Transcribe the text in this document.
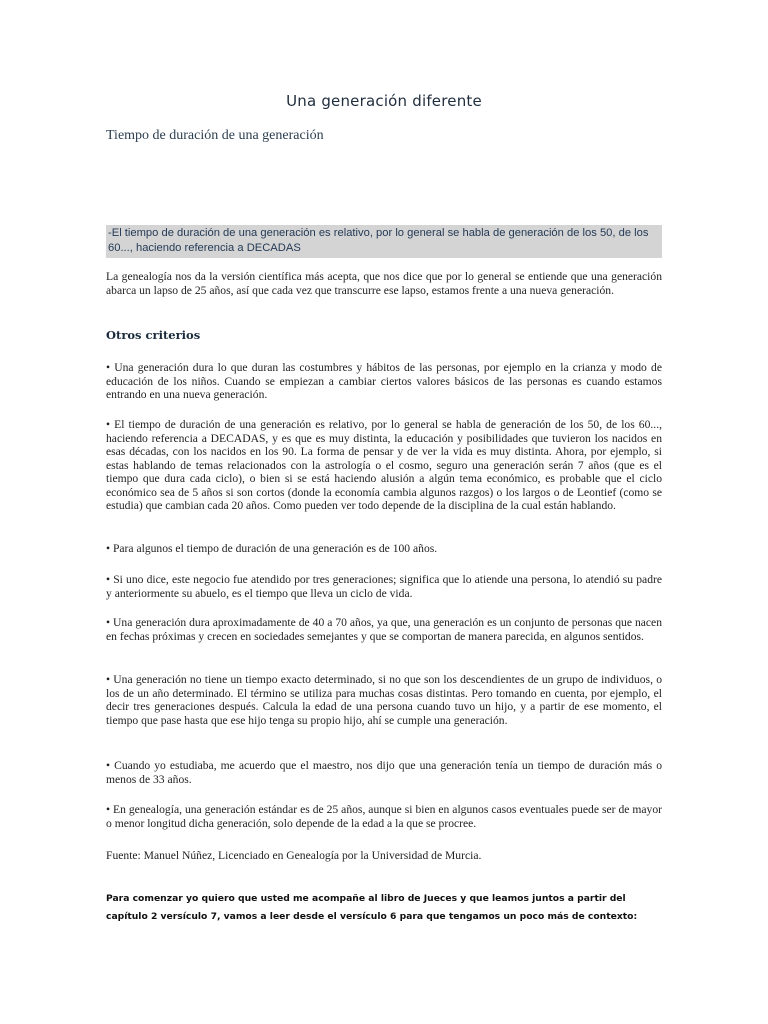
Una generación diferente
Tiempo de duración de una generación
-El tiempo de duración de una generación es relativo, por lo general se habla de generación de los 50, de los 60..., haciendo referencia a DECADAS
La genealogía nos da la versión científica más acepta, que nos dice que por lo general se entiende que una generación abarca un lapso de 25 años, así que cada vez que transcurre ese lapso, estamos frente a una nueva generación.
Otros criterios
• Una generación dura lo que duran las costumbres y hábitos de las personas, por ejemplo en la crianza y modo de educación de los niños. Cuando se empiezan a cambiar ciertos valores básicos de las personas es cuando estamos entrando en una nueva generación.
• El tiempo de duración de una generación es relativo, por lo general se habla de generación de los 50, de los 60..., haciendo referencia a DECADAS, y es que es muy distinta, la educación y posibilidades que tuvieron los nacidos en esas décadas, con los nacidos en los 90. La forma de pensar y de ver la vida es muy distinta. Ahora, por ejemplo, si estas hablando de temas relacionados con la astrología o el cosmo, seguro una generación serán 7 años (que es el tiempo que dura cada ciclo), o bien si se está haciendo alusión a algún tema económico, es probable que el ciclo económico sea de 5 años si son cortos (donde la economía cambia algunos razgos) o los largos o de Leontief (como se estudia) que cambian cada 20 años. Como pueden ver todo depende de la disciplina de la cual están hablando.
• Para algunos el tiempo de duración de una generación es de 100 años.
• Si uno dice, este negocio fue atendido por tres generaciones; significa que lo atiende una persona, lo atendió su padre y anteriormente su abuelo, es el tiempo que lleva un ciclo de vida.
• Una generación dura aproximadamente de 40 a 70 años, ya que, una generación es un conjunto de personas que nacen en fechas próximas y crecen en sociedades semejantes y que se comportan de manera parecida, en algunos sentidos.
• Una generación no tiene un tiempo exacto determinado, si no que son los descendientes de un grupo de individuos, o los de un año determinado. El término se utiliza para muchas cosas distintas. Pero tomando en cuenta, por ejemplo, el decir tres generaciones después. Calcula la edad de una persona cuando tuvo un hijo, y a partir de ese momento, el tiempo que pase hasta que ese hijo tenga su propio hijo, ahí se cumple una generación.
• Cuando yo estudiaba, me acuerdo que el maestro, nos dijo que una generación tenía un tiempo de duración más o menos de 33 años.
• En genealogía, una generación estándar es de 25 años, aunque si bien en algunos casos eventuales puede ser de mayor o menor longitud dicha generación, solo depende de la edad a la que se procree.
Fuente: Manuel Núñez, Licenciado en Genealogía por la Universidad de Murcia.
Para comenzar yo quiero que usted me acompañe al libro de Jueces y que leamos juntos a partir del capítulo 2 versículo 7, vamos a leer desde el versículo 6 para que tengamos un poco más de contexto:
